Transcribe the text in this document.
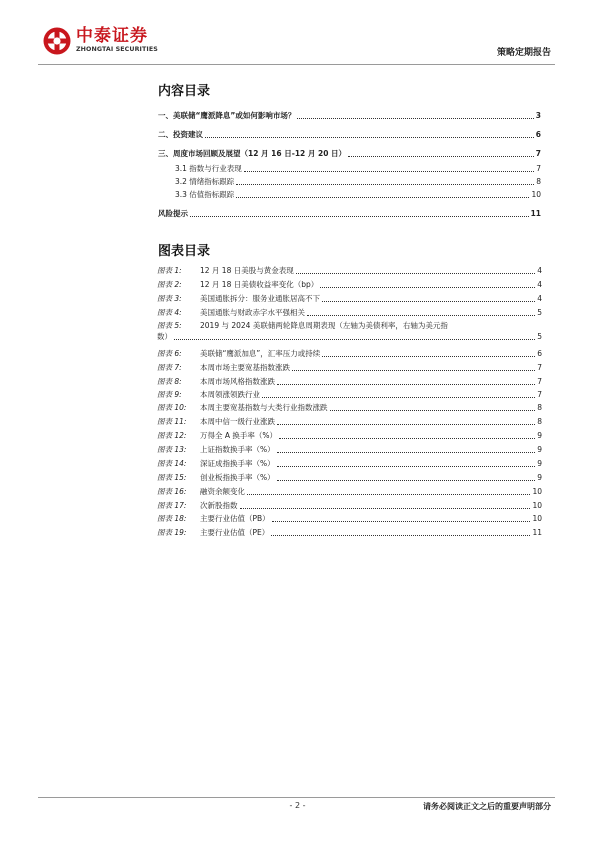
中泰证券
ZHONGTAI SECURITIES	策略定期报告
内容目录
一、美联储“鹰派降息”或如何影响市场？	3
二、投资建议	6
三、周度市场回顾及展望（12 月 16 日-12 月 20 日）	7
3.1 指数与行业表现	7
3.2 情绪指标跟踪	8
3.3 估值指标跟踪	10
风险提示	11
图表目录
图表 1:	12 月 18 日美股与黄金表现	4
图表 2:	12 月 18 日美债收益率变化（bp）	4
图表 3:	美国通胀拆分：服务业通胀居高不下	4
图表 4:	美国通胀与财政赤字水平强相关	5
图表 5: 2019 与 2024 美联储两轮降息周期表现（左轴为美债利率，右轴为美元指
数）	5
图表 6:	美联储“鹰派加息”，汇率压力或持续	6
图表 7:	本周市场主要宽基指数涨跌	7
图表 8:	本周市场风格指数涨跌	7
图表 9:	本周领涨领跌行业	7
图表 10:	本周主要宽基指数与大类行业指数涨跌	8
图表 11:	本周中信一级行业涨跌	8
图表 12:	万得全 A 换手率（%）	9
图表 13:	上证指数换手率（%）	9
图表 14:	深证成指换手率（%）	9
图表 15:	创业板指换手率（%）	9
图表 16:	融资余额变化	10
图表 17:	次新股指数	10
图表 18:	主要行业估值（PB）	10
图表 19:	主要行业估值（PE）	11
- 2 -	请务必阅读正文之后的重要声明部分
